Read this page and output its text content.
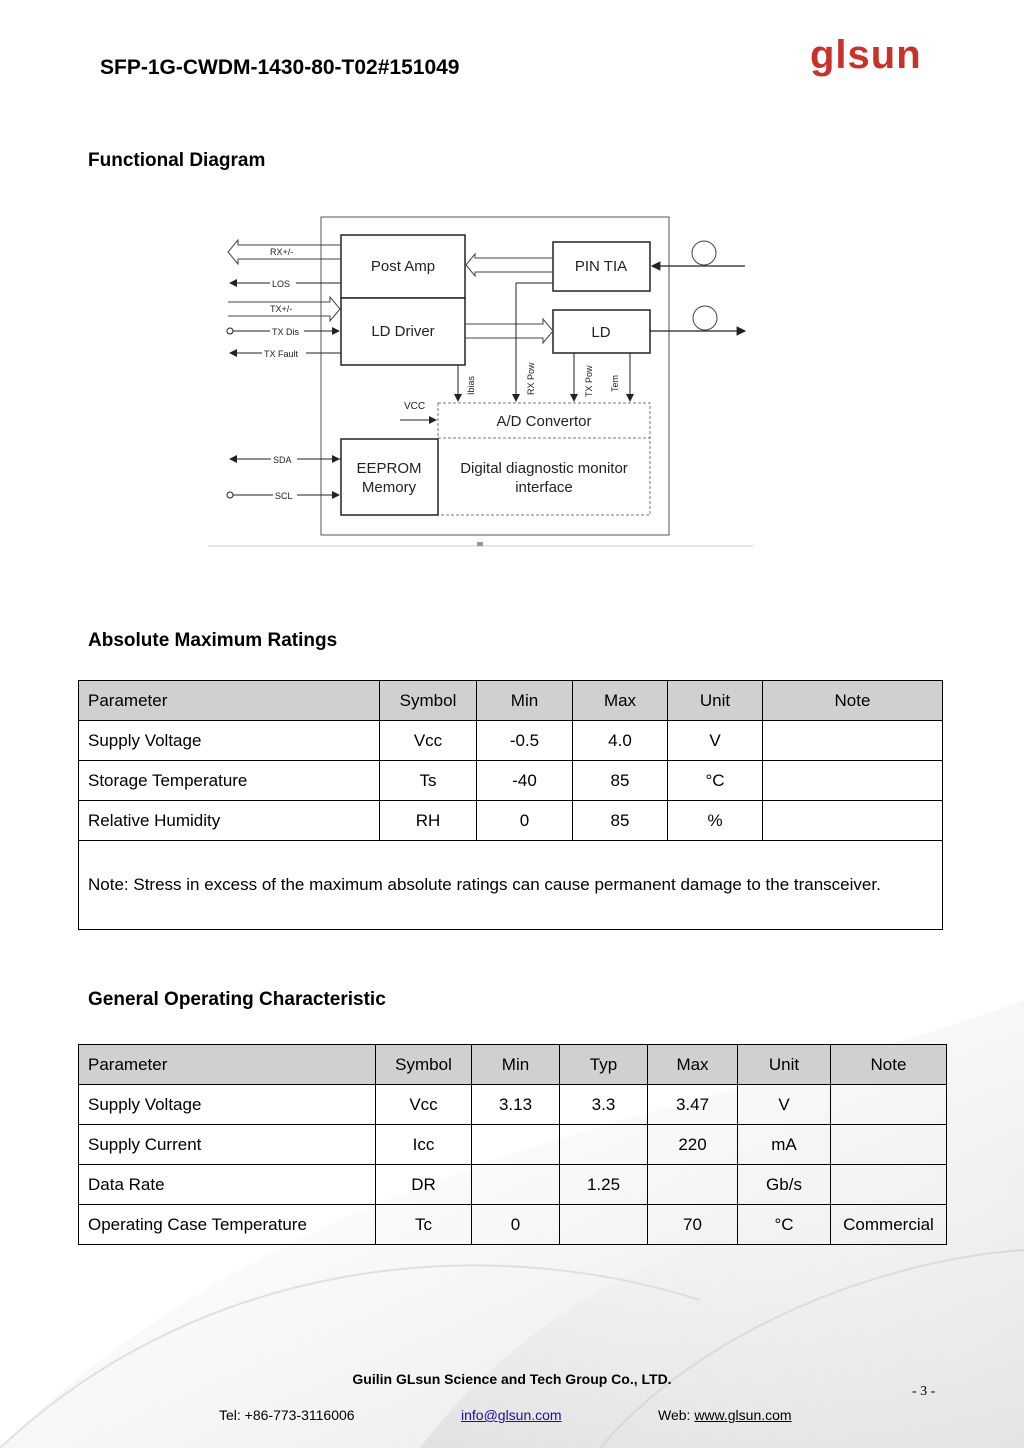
SFP-1G-CWDM-1430-80-T02#151049	glsun
Functional Diagram
Post Amp
LD Driver
PIN TIA
LD
A/D Convertor
EEPROM
Memory
Digital diagnostic monitor
interface
RX+/-
LOS
TX+/-
TX Dis
TX Fault
SDA
SCL
VCC
Ibias	RX Pow	TX Pow Tem
Absolute Maximum Ratings
Parameter	Symbol	Min	Max	Unit	Note
Supply Voltage	Vcc	-0.5	4.0	V	
Storage Temperature	Ts	-40	85	°C	
Relative Humidity	RH	0	85	%	
Note: Stress in excess of the maximum absolute ratings can cause permanent damage to the transceiver.					
General Operating Characteristic
Parameter	Symbol	Min	Typ	Max	Unit	Note
Supply Voltage	Vcc	3.13	3.3	3.47	V	
Supply Current	Icc			220	mA	
Data Rate	DR		1.25		Gb/s	
Operating Case Temperature	Tc	0		70	°C	Commercial
Guilin GLsun Science and Tech Group Co., LTD.
- 3 -
Tel: +86-773-3116006	info@glsun.com	Web: www.glsun.com
